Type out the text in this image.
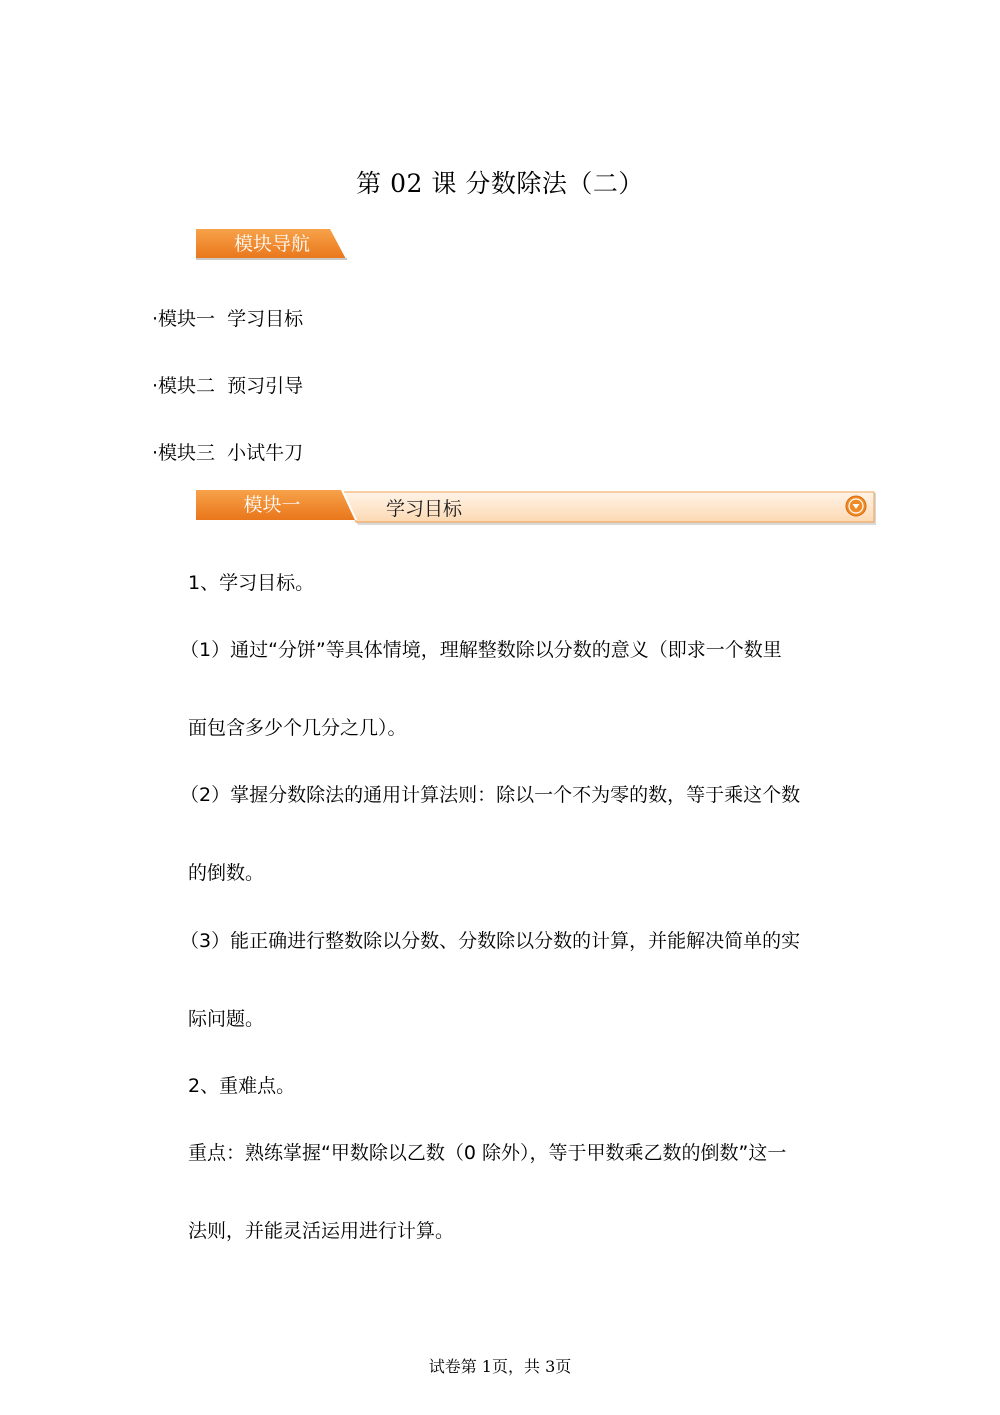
第 02 课 分数除法（二）
模块导航
·模块一  学习目标
·模块二  预习引导
·模块三  小试牛刀
模块一	学习目标
1、学习目标。
（1）通过“分饼”等具体情境，理解整数除以分数的意义（即求一个数里
面包含多少个几分之几）。
（2）掌握分数除法的通用计算法则：除以一个不为零的数，等于乘这个数
的倒数。
（3）能正确进行整数除以分数、分数除以分数的计算，并能解决简单的实
际问题。
2、重难点。
重点：熟练掌握“甲数除以乙数（0 除外），等于甲数乘乙数的倒数”这一
法则，并能灵活运用进行计算。
试卷第 1页，共 3页
